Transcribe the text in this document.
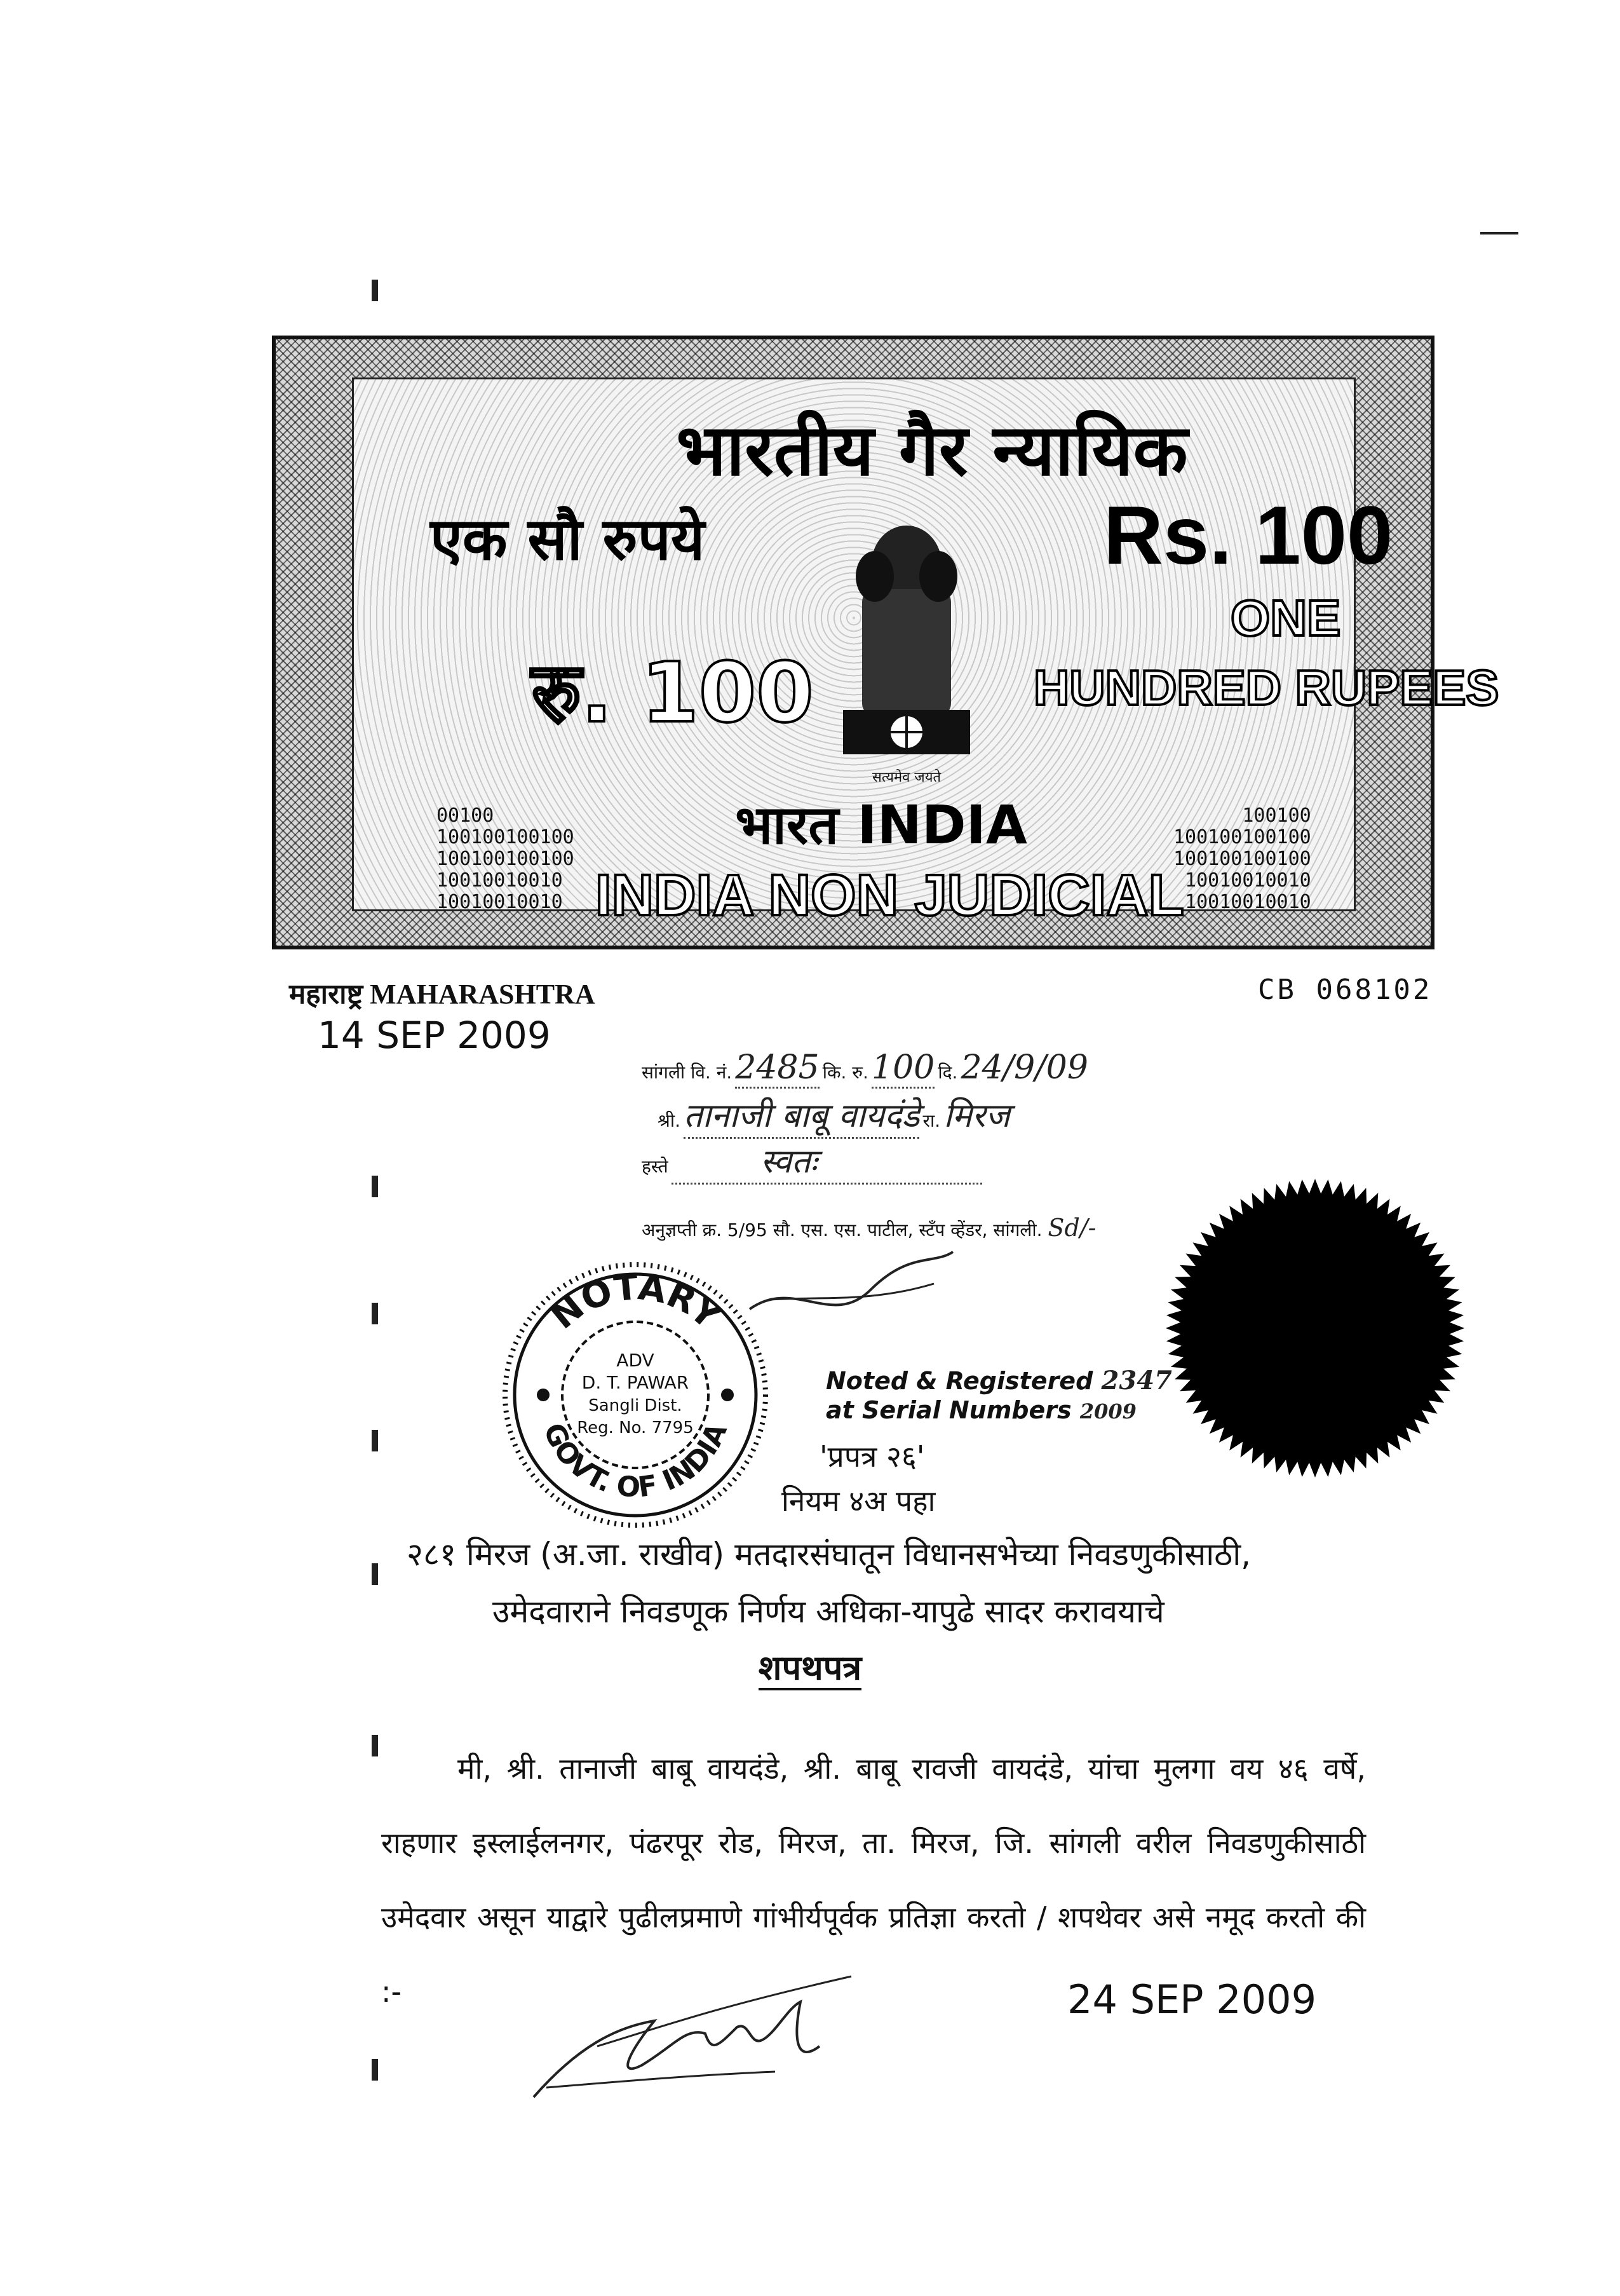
भारतीय गैर न्यायिक
एक सौ रुपये	Rs. 100
ONE
HUNDRED RUPEES
रु. 100
सत्यमेव जयते
00100
100100100100
100100100100
10010010010
10010010010
100100
100100100100
100100100100
10010010010
10010010010
भारत INDIA
INDIA NON JUDICIAL
महाराष्ट्र MAHARASHTRA	CB 068102
14 SEP 2009
सांगली वि. नं. 2485 कि. रु. 100 दि. 24/9/09
श्री. तानाजी बाबू वायदंडे रा. मिरज
हस्ते	स्वतः
अनुज्ञप्ती क्र. 5/95 सौ. एस. एस. पाटील, स्टँप व्हेंडर, सांगली. Sd/-
NOTARY
GOVT. OF INDIA
ADV
D. T. PAWAR
Sangli Dist.
Reg. No. 7795
Noted & Registered 2347
at Serial Numbers 2009
'प्रपत्र २६'
नियम ४अ पहा
२८१ मिरज (अ.जा. राखीव) मतदारसंघातून विधानसभेच्या निवडणुकीसाठी,
उमेदवाराने निवडणूक निर्णय अधिका-यापुढे सादर करावयाचे
शपथपत्र
मी, श्री. तानाजी बाबू वायदंडे, श्री. बाबू रावजी वायदंडे, यांचा मुलगा वय ४६ वर्षे, राहणार इस्लाईलनगर, पंढरपूर रोड, मिरज, ता. मिरज, जि. सांगली वरील निवडणुकीसाठी उमेदवार असून याद्वारे पुढीलप्रमाणे गांभीर्यपूर्वक प्रतिज्ञा करतो / शपथेवर असे नमूद करतो की :-	24 SEP 2009
